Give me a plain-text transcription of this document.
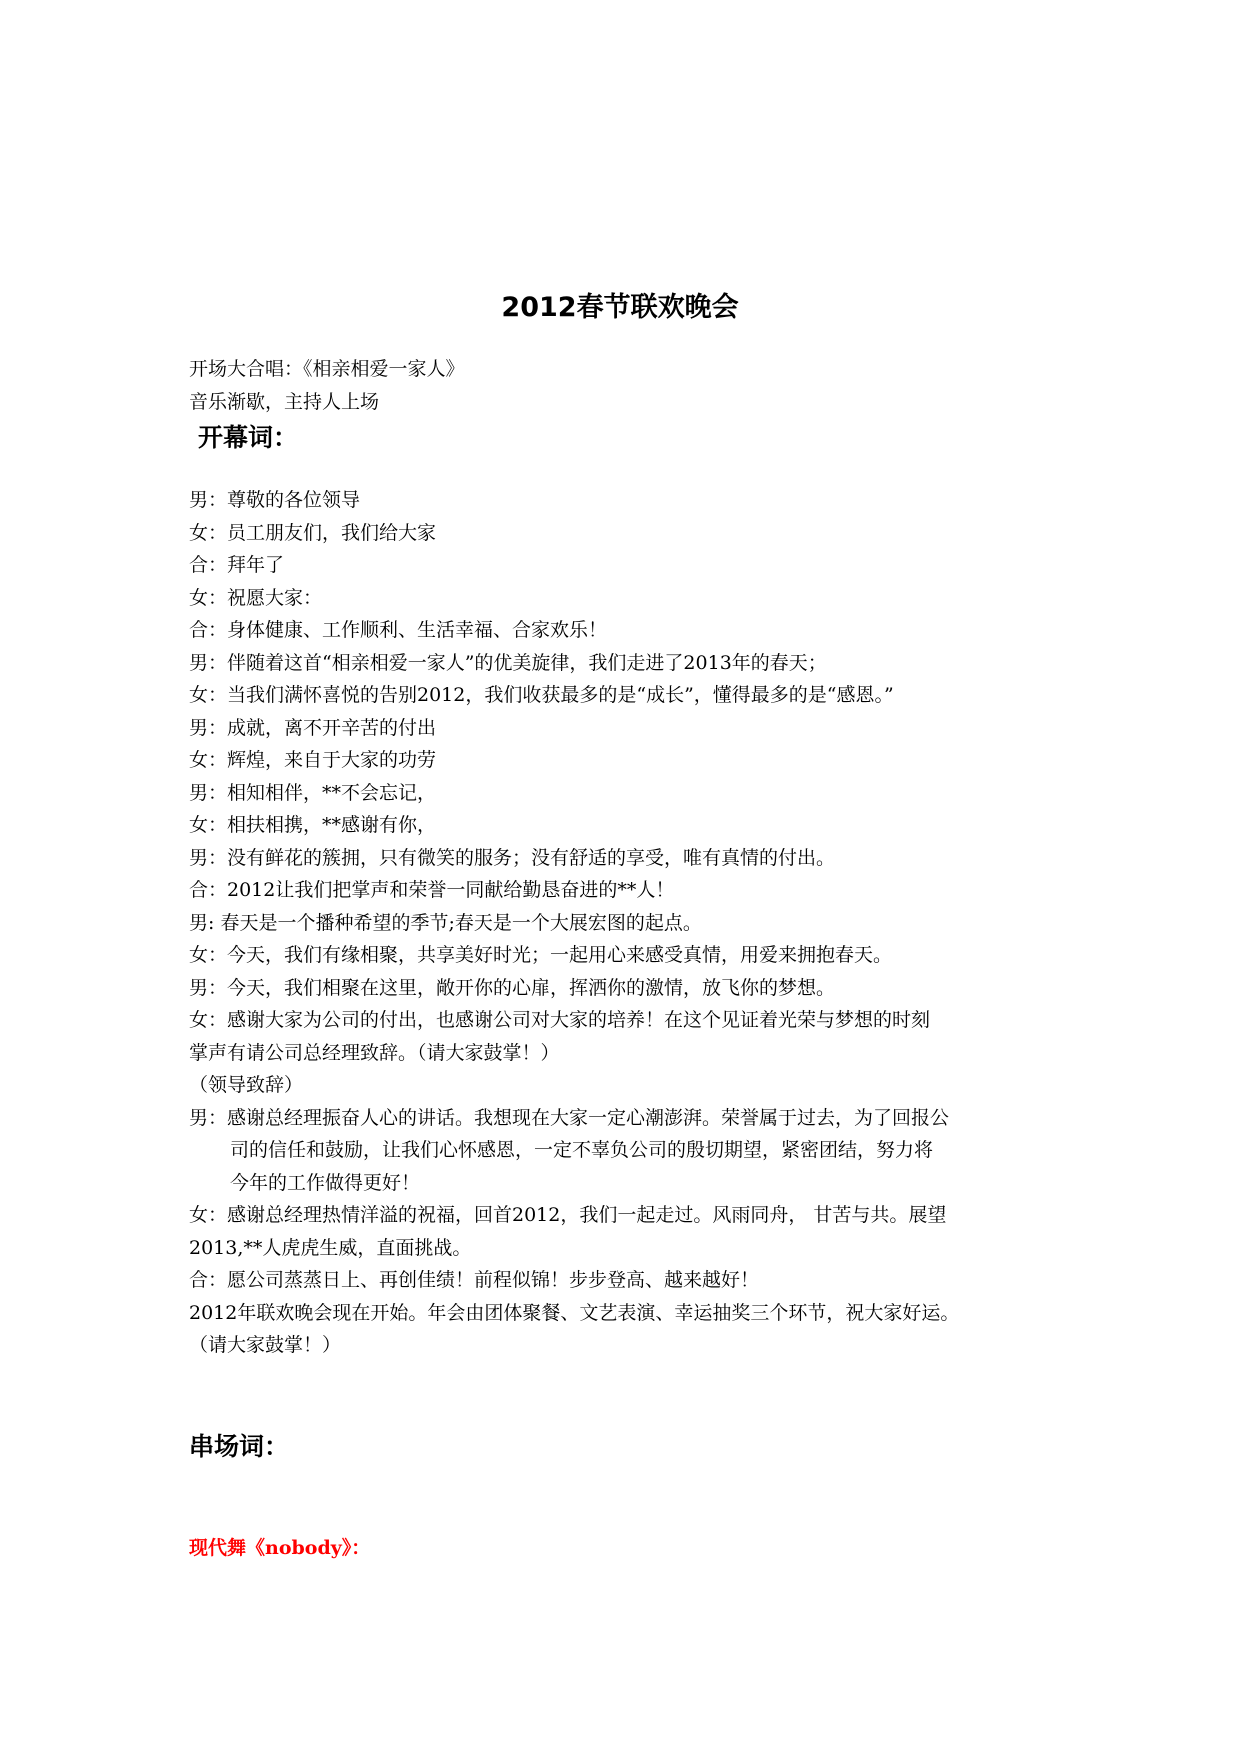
2012春节联欢晚会
开场大合唱：《相亲相爱一家人》
音乐渐歇，主持人上场
开幕词：
男：尊敬的各位领导
女：员工朋友们，我们给大家
合：拜年了
女：祝愿大家：
合：身体健康、工作顺利、生活幸福、合家欢乐！
男：伴随着这首“相亲相爱一家人”的优美旋律，我们走进了2013年的春天；
女：当我们满怀喜悦的告别2012，我们收获最多的是“成长”，懂得最多的是“感恩。”
男：成就，离不开辛苦的付出
女：辉煌，来自于大家的功劳
男：相知相伴，**不会忘记，
女：相扶相携，**感谢有你，
男：没有鲜花的簇拥，只有微笑的服务；没有舒适的享受，唯有真情的付出。
合：2012让我们把掌声和荣誉一同献给勤恳奋进的**人！
男: 春天是一个播种希望的季节;春天是一个大展宏图的起点。
女：今天，我们有缘相聚，共享美好时光；一起用心来感受真情，用爱来拥抱春天。
男：今天，我们相聚在这里，敞开你的心扉，挥洒你的激情，放飞你的梦想。
女：感谢大家为公司的付出，也感谢公司对大家的培养！在这个见证着光荣与梦想的时刻
掌声有请公司总经理致辞。（请大家鼓掌！）
（领导致辞）
男：感谢总经理振奋人心的讲话。我想现在大家一定心潮澎湃。荣誉属于过去，为了回报公
司的信任和鼓励，让我们心怀感恩，一定不辜负公司的殷切期望，紧密团结，努力将
今年的工作做得更好！
女：感谢总经理热情洋溢的祝福，回首2012，我们一起走过。风雨同舟， 甘苦与共。展望
2013,**人虎虎生威，直面挑战。
合：愿公司蒸蒸日上、再创佳绩！前程似锦！步步登高、越来越好！
2012年联欢晚会现在开始。年会由团体聚餐、文艺表演、幸运抽奖三个环节，祝大家好运。
（请大家鼓掌！）
串场词：
现代舞《nobody》：
